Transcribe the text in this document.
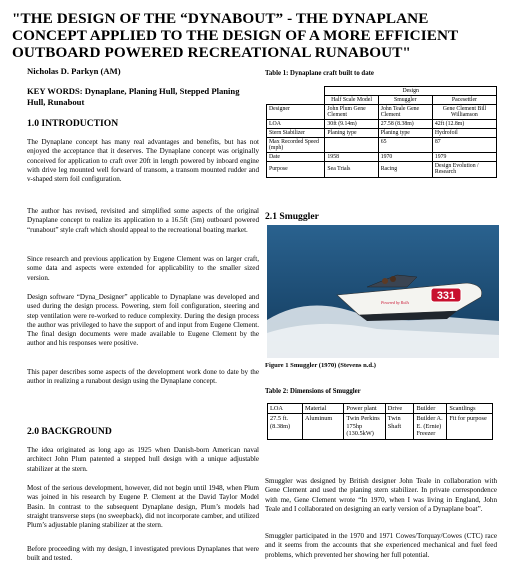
"THE DESIGN OF THE “DYNABOUT” - THE DYNAPLANE CONCEPT APPLIED TO THE DESIGN OF A MORE EFFICIENT OUTBOARD POWERED RECREATIONAL RUNABOUT"

Nicholas D. Parkyn (AM)

KEY WORDS: Dynaplane, Planing Hull, Stepped Planing Hull, Runabout

1.0 INTRODUCTION

The Dynaplane concept has many real advantages and benefits, but has not enjoyed the acceptance that it deserves. The Dynaplane concept was originally conceived for application to craft over 20ft in length powered by inboard engine with drive leg mounted well forward of transom, a transom mounted rudder and v-shaped stern foil configuration.

The author has revised, revisited and simplified some aspects of the original Dynaplane concept to realize its application to a 16.5ft (5m) outboard powered “runabout” style craft which should appeal to the recreational boating market.

Since research and previous application by Eugene Clement was on larger craft, some data and aspects were extended for applicability to the smaller sized version.

Design software “Dyna_Designer” applicable to Dynaplane was developed and used during the design process. Powering, stern foil configuration, steering and step ventilation were re-worked to reduce complexity. During the design process the author was privileged to have the support of and input from Eugene Clement. The final design documents were made available to Eugene Clement by the author and his responses were positive.

This paper describes some aspects of the development work done to date by the author in realizing a runabout design using the Dynaplane concept.

2.0 BACKGROUND

The idea originated as long ago as 1925 when Danish-born American naval architect John Plum patented a stepped hull design with a unique adjustable stabilizer at the stern.

Most of the serious development, however, did not begin until 1948, when Plum was joined in his research by Eugene P. Clement at the David Taylor Model Basin. In contrast to the subsequent Dynaplane design, Plum’s models had straight transverse steps (no sweepback), did not incorporate camber, and utilized Plum’s adjustable planing stabilizer at the stern.

Before proceeding with my design, I investigated previous Dynaplanes that were built and tested.

Table 1: Dynaplane craft built to date

	Design		
	Half Scale Model	Smuggler	Pacesettler
Designer	John Plum Gene Clement	John Teale Gene Clement	Gene Clement Bill Williamson
LOA	30ft (9.14m)	27.58 (8.38m)	42ft (12.8m)
Stern Stabilizer	Planing type	Planing type	Hydrofoil
Max Recorded Speed (mph)		65	87
Date	1958	1970	1979
Purpose	Sea Trials	Racing	Design Evolution / Research

2.1 Smuggler

331
Powered by Rolls

Figure 1 Smuggler (1970) (Stevens n.d.)

Table 2: Dimensions of Smuggler

LOA	Material	Power plant	Drive	Builder	Scantlings
27.5 ft. (8.38m)	Aluminum	Twin Perkins 175hp (130.5kW)	Twin Shaft	Builder A. E. (Ernie) Freezer	Fit for purpose

Smuggler was designed by British designer John Teale in collaboration with Gene Clement and used the planing stern stabilizer. In private correspondence with me, Gene Clement wrote “In 1970, when I was living in England, John Teale and I collaborated on designing an early version of a Dynaplane boat”.

Smuggler participated in the 1970 and 1971 Cowes/Torquay/Cowes (CTC) race and it seems from the accounts that she experienced mechanical and fuel feed problems, which prevented her showing her full potential.
